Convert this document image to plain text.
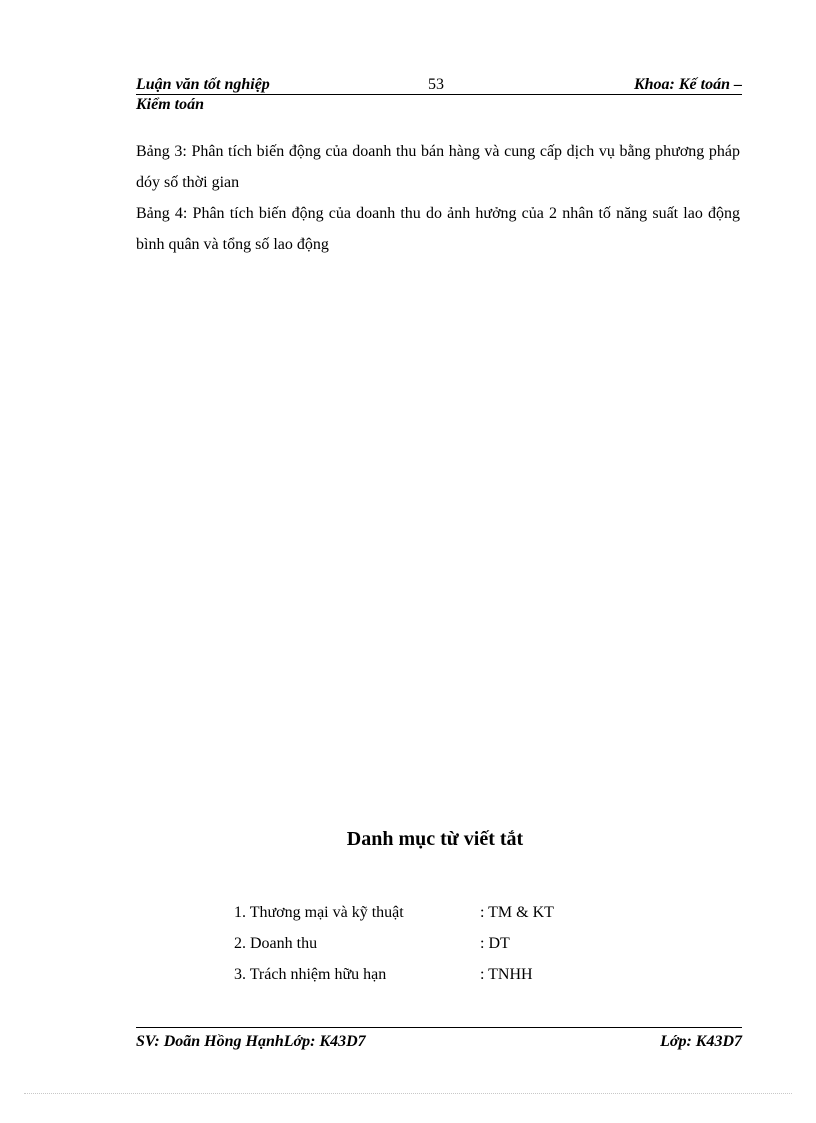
Luận văn tốt nghiệp	53	Khoa: Kế toán –
Kiểm toán

Bảng 3: Phân tích biến động của doanh thu bán hàng và cung cấp dịch vụ bằng phương pháp dóy số thời gian

Bảng 4: Phân tích biến động của doanh thu do ảnh hưởng của 2 nhân tố năng suất lao động bình quân và tổng số lao động

Danh mục từ viết tắt
1. Thương mại và kỹ thuật	: TM & KT
2. Doanh thu	: DT
3. Trách nhiệm hữu hạn	: TNHH
SV: Doãn Hồng HạnhLớp: K43D7	Lớp: K43D7
